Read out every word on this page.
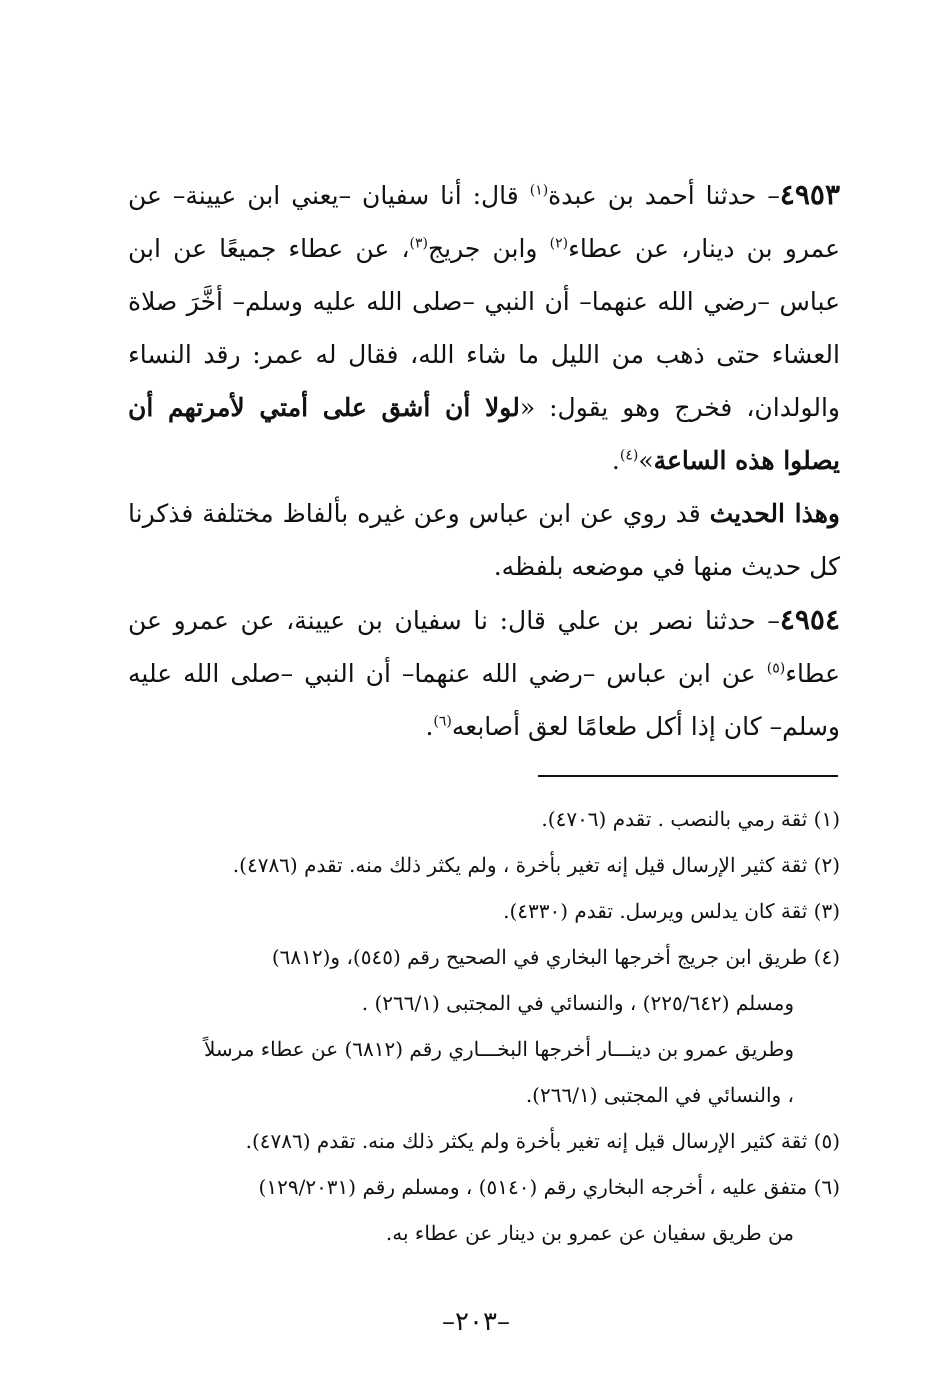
٤٩٥٣– حدثنا أحمد بن عبدة$^{(١)}$ قال: أنا سفيان –يعني ابن عيينة– عن عمرو بن دينار، عن عطاء$^{(٢)}$ وابن جريج$^{(٣)}$، عن عطاء جميعًا عن ابن عباس –رضي الله عنهما– أن النبي –صلى الله عليه وسلم– أخَّرَ صلاة العشاء حتى ذهب من الليل ما شاء الله، فقال له عمر: رقد النساء والولدان، فخرج وهو يقول: «لولا أن أشق على أمتي لأمرتهم أن يصلوا هذه الساعة»$^{(٤)}$.

وهذا الحديث قد روي عن ابن عباس وعن غيره بألفاظ مختلفة فذكرنا كل حديث منها في موضعه بلفظه.

٤٩٥٤– حدثنا نصر بن علي قال: نا سفيان بن عيينة، عن عمرو عن عطاء$^{(٥)}$ عن ابن عباس –رضي الله عنهما– أن النبي –صلى الله عليه وسلم– كان إذا أكل طعامًا لعق أصابعه$^{(٦)}$.

(١) ثقة رمي بالنصب . تقدم (٤٧٠٦).

(٢) ثقة كثير الإرسال قيل إنه تغير بأخرة ، ولم يكثر ذلك منه. تقدم (٤٧٨٦).

(٣) ثقة كان يدلس ويرسل. تقدم (٤٣٣٠).

(٤) طريق ابن جريج أخرجها البخاري في الصحيح رقم (٥٤٥)، و(٦٨١٢)

ومسلم (٢٢٥/٦٤٢) ، والنسائي في المجتبى (٢٦٦/١) .

وطريق عمرو بن دينـــار أخرجها البخـــاري رقم (٦٨١٢) عن عطاء مرسلاً

، والنسائي في المجتبى (٢٦٦/١).

(٥) ثقة كثير الإرسال قيل إنه تغير بأخرة ولم يكثر ذلك منه. تقدم (٤٧٨٦).

(٦) متفق عليه ، أخرجه البخاري رقم (٥١٤٠) ، ومسلم رقم (١٢٩/٢٠٣١)

من طريق سفيان عن عمرو بن دينار عن عطاء به.

–٢٠٣–
